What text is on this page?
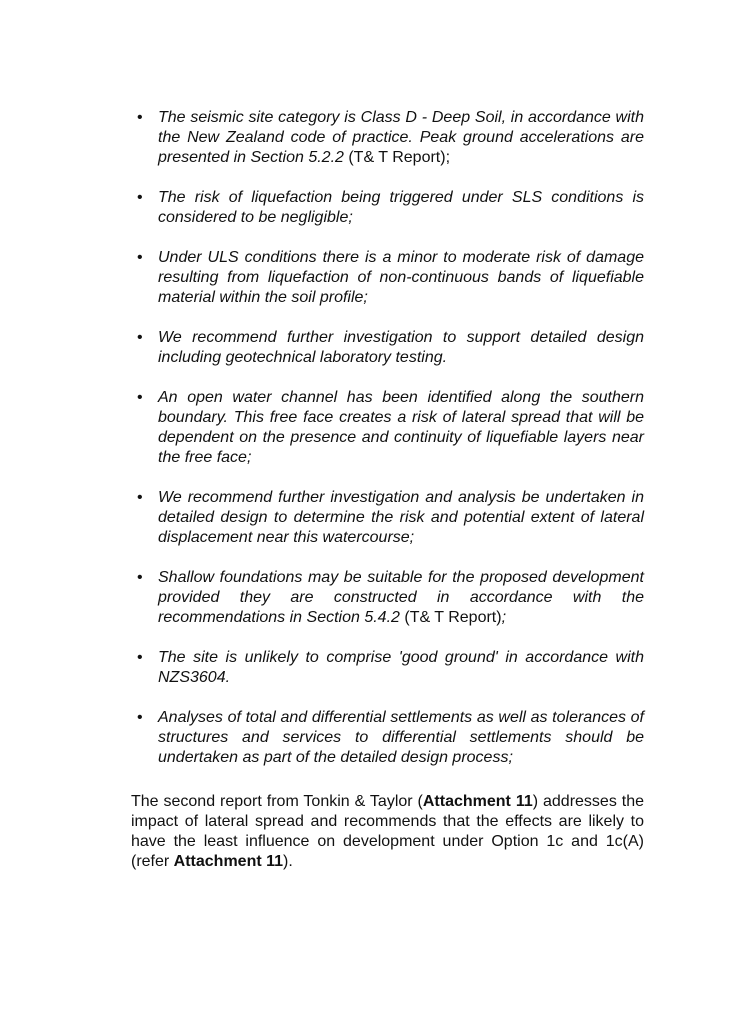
• The seismic site category is Class D - Deep Soil, in accordance with the New Zealand code of practice. Peak ground accelerations are presented in Section 5.2.2 (T& T Report);
• The risk of liquefaction being triggered under SLS conditions is considered to be negligible;
• Under ULS conditions there is a minor to moderate risk of damage resulting from liquefaction of non-continuous bands of liquefiable material within the soil profile;
• We recommend further investigation to support detailed design including geotechnical laboratory testing.
• An open water channel has been identified along the southern boundary. This free face creates a risk of lateral spread that will be dependent on the presence and continuity of liquefiable layers near the free face;
• We recommend further investigation and analysis be undertaken in detailed design to determine the risk and potential extent of lateral displacement near this watercourse;
• Shallow foundations may be suitable for the proposed development provided they are constructed in accordance with the recommendations in Section 5.4.2 (T& T Report);
• The site is unlikely to comprise 'good ground' in accordance with NZS3604.
• Analyses of total and differential settlements as well as tolerances of structures and services to differential settlements should be undertaken as part of the detailed design process;

The second report from Tonkin & Taylor (Attachment 11) addresses the impact of lateral spread and recommends that the effects are likely to have the least influence on development under Option 1c and 1c(A) (refer Attachment 11).
